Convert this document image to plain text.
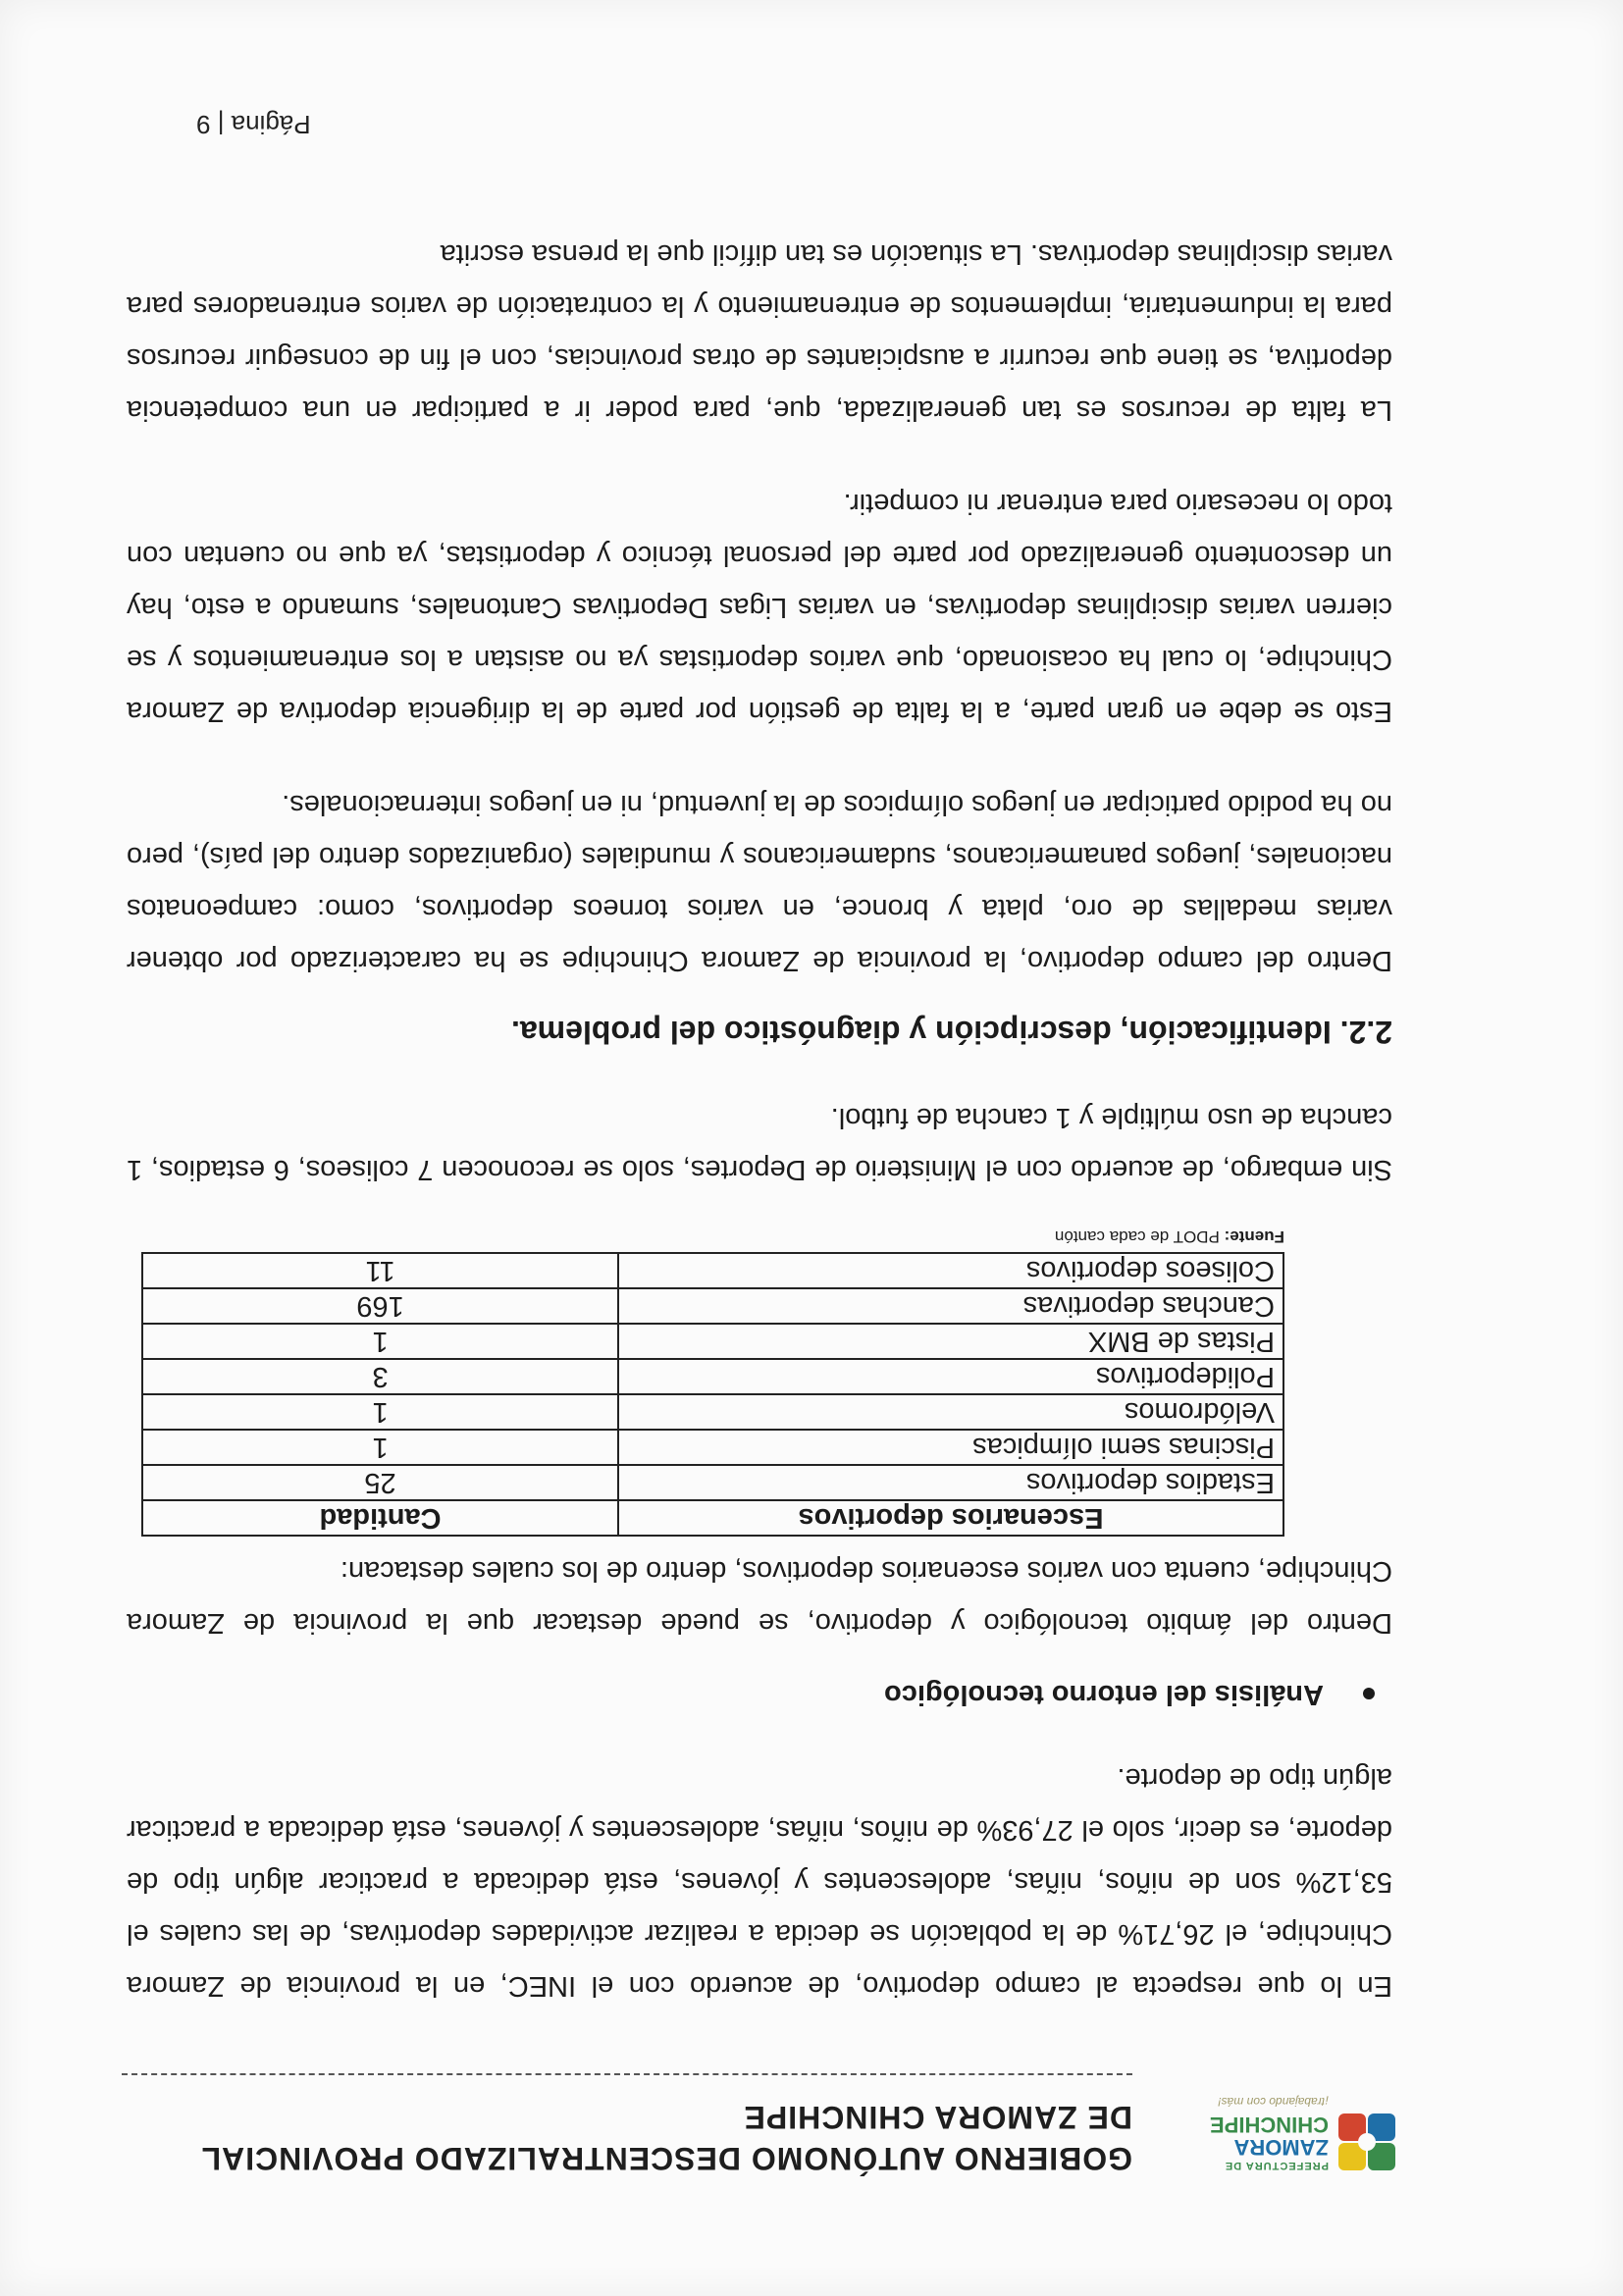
PREFECTURA DE
ZAMORA
CHINCHIPE
¡trabajando con más!
GOBIERNO AUTÓNOMO DESCENTRALIZADO PROVINCIAL
DE ZAMORA CHINCHIPE

En lo que respecta al campo deportivo, de acuerdo con el INEC, en la provincia de Zamora Chinchipe, el 26,71% de la población se decida a realizar actividades deportivas, de las cuales el 53,12% son de niños, niñas, adolescentes y jóvenes, está dedicada a practicar algún tipo de deporte, es decir, solo el 27,93% de niños, niñas, adolescentes y jóvenes, está dedicada a practicar algún tipo de deporte.

Análisis del entorno tecnológico

Dentro del ámbito tecnológico y deportivo, se puede destacar que la provincia de Zamora Chinchipe, cuenta con varios escenarios deportivos, dentro de los cuales destacan:

Escenarios deportivos	Cantidad
Estadios deportivos	25
Piscinas semi olímpicas	1
Velódromos	1
Polideportivos	3
Pistas de BMX	1
Canchas deportivas	169
Coliseos deportivos	11
Fuente: PDOT de cada cantón

Sin embargo, de acuerdo con el Ministerio de Deportes, solo se reconocen 7 coliseos, 6 estadios, 1 cancha de uso múltiple y 1 cancha de futbol.

2.2. Identificación, descripción y diagnóstico del problema.

Dentro del campo deportivo, la provincia de Zamora Chinchipe se ha caracterizado por obtener varias medallas de oro, plata y bronce, en varios torneos deportivos, como: campeonatos nacionales, juegos panamericanos, sudamericanos y mundiales (organizados dentro del país), pero no ha podido participar en juegos olímpicos de la juventud, ni en juegos internacionales.

Esto se debe en gran parte, a la falta de gestión por parte de la dirigencia deportiva de Zamora Chinchipe, lo cual ha ocasionado, que varios deportistas ya no asistan a los entrenamientos y se cierren varias disciplinas deportivas, en varias Ligas Deportivas Cantonales, sumando a esto, hay un descontento generalizado por parte del personal técnico y deportistas, ya que no cuentan con todo lo necesario para entrenar ni competir.

La falta de recursos es tan generalizada, que, para poder ir a participar en una competencia deportiva, se tiene que recurrir a auspiciantes de otras provincias, con el fin de conseguir recursos para la indumentaria, implementos de entrenamiento y la contratación de varios entrenadores para varias disciplinas deportivas. La situación es tan difícil que la prensa escrita

Página | 9
